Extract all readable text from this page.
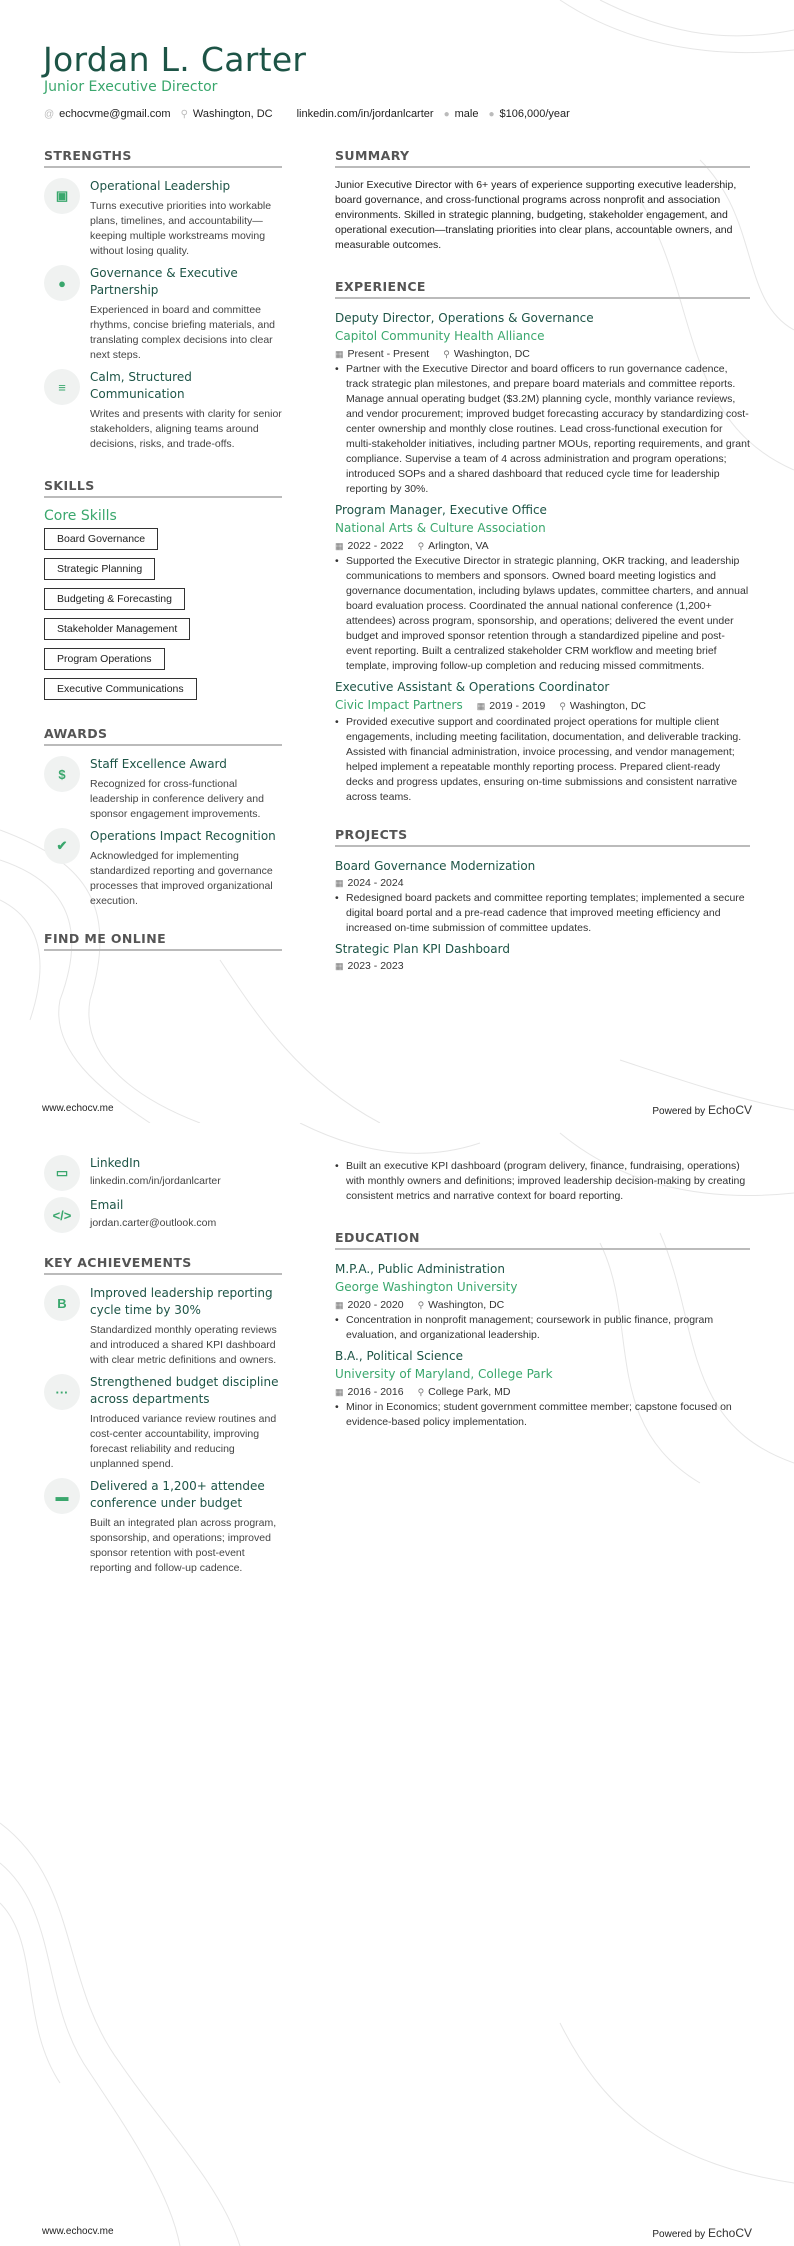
Jordan L. Carter
Junior Executive Director
@ echocvme@gmail.com ⚲ Washington, DC linkedin.com/in/jordanlcarter ● male ● $106,000/year
STRENGTHS
▣
Operational Leadership
Turns executive priorities into workable plans, timelines, and accountability—keeping multiple workstreams moving without losing quality.
●
Governance & Executive Partnership
Experienced in board and committee rhythms, concise briefing materials, and translating complex decisions into clear next steps.
≡
Calm, Structured Communication
Writes and presents with clarity for senior stakeholders, aligning teams around decisions, risks, and trade-offs.
SKILLS
Core Skills
Board Governance
Strategic Planning
Budgeting & Forecasting
Stakeholder Management
Program Operations
Executive Communications
AWARDS
$
Staff Excellence Award
Recognized for cross-functional leadership in conference delivery and sponsor engagement improvements.
✔
Operations Impact Recognition
Acknowledged for implementing standardized reporting and governance processes that improved organizational execution.
FIND ME ONLINE
SUMMARY

Junior Executive Director with 6+ years of experience supporting executive leadership, board governance, and cross-functional programs across nonprofit and association environments. Skilled in strategic planning, budgeting, stakeholder engagement, and operational execution—translating priorities into clear plans, accountable owners, and measurable outcomes.

EXPERIENCE
Deputy Director, Operations & Governance
Capitol Community Health Alliance
▦ Present - Present ⚲ Washington, DC
• Partner with the Executive Director and board officers to run governance cadence, track strategic plan milestones, and prepare board materials and committee reports. Manage annual operating budget ($3.2M) planning cycle, monthly variance reviews, and vendor procurement; improved budget forecasting accuracy by standardizing cost-center ownership and monthly close routines. Lead cross-functional execution for multi-stakeholder initiatives, including partner MOUs, reporting requirements, and grant compliance. Supervise a team of 4 across administration and program operations; introduced SOPs and a shared dashboard that reduced cycle time for leadership reporting by 30%.
Program Manager, Executive Office
National Arts & Culture Association
▦ 2022 - 2022 ⚲ Arlington, VA
• Supported the Executive Director in strategic planning, OKR tracking, and leadership communications to members and sponsors. Owned board meeting logistics and governance documentation, including bylaws updates, committee charters, and annual board evaluation process. Coordinated the annual national conference (1,200+ attendees) across program, sponsorship, and operations; delivered the event under budget and improved sponsor retention through a standardized pipeline and post-event reporting. Built a centralized stakeholder CRM workflow and meeting brief template, improving follow-up completion and reducing missed commitments.
Executive Assistant & Operations Coordinator
Civic Impact Partners ▦ 2019 - 2019 ⚲ Washington, DC
• Provided executive support and coordinated project operations for multiple client engagements, including meeting facilitation, documentation, and deliverable tracking. Assisted with financial administration, invoice processing, and vendor management; helped implement a repeatable monthly reporting process. Prepared client-ready decks and progress updates, ensuring on-time submissions and consistent narrative across teams.
PROJECTS
Board Governance Modernization
▦ 2024 - 2024
• Redesigned board packets and committee reporting templates; implemented a secure digital board portal and a pre-read cadence that improved meeting efficiency and increased on-time submission of committee updates.
Strategic Plan KPI Dashboard
▦ 2023 - 2023
www.echocv.me	Powered by EchoCV
▭
LinkedIn
linkedin.com/in/jordanlcarter
</>
Email
jordan.carter@outlook.com
KEY ACHIEVEMENTS
B
Improved leadership reporting cycle time by 30%
Standardized monthly operating reviews and introduced a shared KPI dashboard with clear metric definitions and owners.
···
Strengthened budget discipline across departments
Introduced variance review routines and cost-center accountability, improving forecast reliability and reducing unplanned spend.
▬
Delivered a 1,200+ attendee conference under budget
Built an integrated plan across program, sponsorship, and operations; improved sponsor retention with post-event reporting and follow-up cadence.
• Built an executive KPI dashboard (program delivery, finance, fundraising, operations) with monthly owners and definitions; improved leadership decision-making by creating consistent metrics and narrative context for board reporting.
EDUCATION
M.P.A., Public Administration
George Washington University
▦ 2020 - 2020 ⚲ Washington, DC
• Concentration in nonprofit management; coursework in public finance, program evaluation, and organizational leadership.
B.A., Political Science
University of Maryland, College Park
▦ 2016 - 2016 ⚲ College Park, MD
• Minor in Economics; student government committee member; capstone focused on evidence-based policy implementation.
www.echocv.me	Powered by EchoCV
